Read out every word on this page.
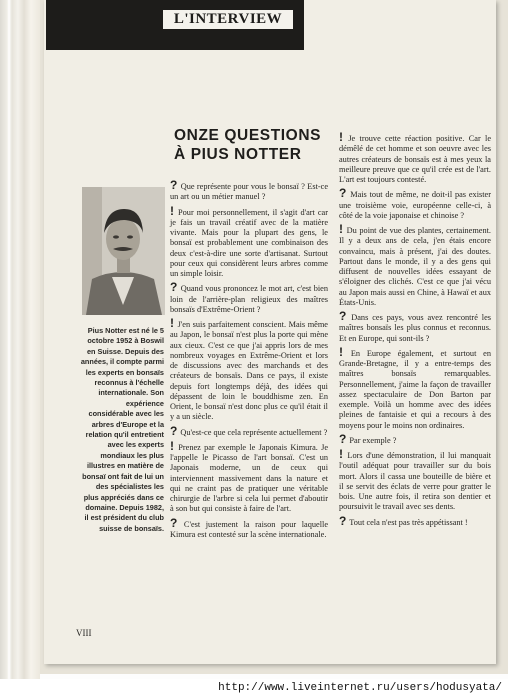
L'INTERVIEW
Pius Notter est né le 5 octobre 1952 à Boswil en Suisse. Depuis des années, il compte parmi les experts en bonsaïs reconnus à l'échelle internationale. Son expérience considérable avec les arbres d'Europe et la relation qu'il entretient avec les experts mondiaux les plus illustres en matière de bonsaï ont fait de lui un des spécialistes les plus appréciés dans ce domaine. Depuis 1982, il est président du club suisse de bonsaïs.
ONZE QUESTIONS
À PIUS NOTTER

? Que représente pour vous le bonsaï ? Est-ce un art ou un métier manuel ?

! Pour moi personnellement, il s'agit d'art car je fais un travail créatif avec de la matière vivante. Mais pour la plupart des gens, le bonsaï est probablement une combinaison des deux c'est-à-dire une sorte d'artisanat. Surtout pour ceux qui considèrent leurs arbres comme un simple loisir.

? Quand vous prononcez le mot art, c'est bien loin de l'arrière-plan religieux des maîtres bonsaïs d'Extrême-Orient ?

! J'en suis parfaitement conscient. Mais même au Japon, le bonsaï n'est plus la porte qui mène aux cieux. C'est ce que j'ai appris lors de mes nombreux voyages en Extrême-Orient et lors de discussions avec des marchands et des créateurs de bonsaïs. Dans ce pays, il existe depuis fort longtemps déjà, des idées qui dépassent de loin le bouddhisme zen. En Orient, le bonsaï n'est donc plus ce qu'il était il y a un siècle.

? Qu'est-ce que cela représente actuellement ?

! Prenez par exemple le Japonais Kimura. Je l'appelle le Picasso de l'art bonsaï. C'est un Japonais moderne, un de ceux qui interviennent massivement dans la nature et qui ne craint pas de pratiquer une véritable chirurgie de l'arbre si cela lui permet d'aboutir à son but qui consiste à faire de l'art.

? C'est justement la raison pour laquelle Kimura est contesté sur la scène internationale.

! Je trouve cette réaction positive. Car le démêlé de cet homme et son oeuvre avec les autres créateurs de bonsaïs est à mes yeux la meilleure preuve que ce qu'il crée est de l'art. L'art est toujours contesté.

? Mais tout de même, ne doit-il pas exister une troisième voie, européenne celle-ci, à côté de la voie japonaise et chinoise ?

! Du point de vue des plantes, certainement. Il y a deux ans de cela, j'en étais encore convaincu, mais à présent, j'ai des doutes. Partout dans le monde, il y a des gens qui diffusent de nouvelles idées essayant de s'éloigner des clichés. C'est ce que j'ai vécu au Japon mais aussi en Chine, à Hawaï et aux États-Unis.

? Dans ces pays, vous avez rencontré les maîtres bonsaïs les plus connus et reconnus. Et en Europe, qui sont-ils ?

! En Europe également, et surtout en Grande-Bretagne, il y a entre-temps des maîtres bonsaïs remarquables. Personnellement, j'aime la façon de travailler assez spectaculaire de Don Barton par exemple. Voilà un homme avec des idées pleines de fantaisie et qui a recours à des moyens pour le moins non ordinaires.

? Par exemple ?

! Lors d'une démonstration, il lui manquait l'outil adéquat pour travailler sur du bois mort. Alors il cassa une bouteille de bière et il se servit des éclats de verre pour gratter le bois. Une autre fois, il retira son dentier et poursuivit le travail avec ses dents.

? Tout cela n'est pas très appétissant !

VIII
http://www.liveinternet.ru/users/hodusyata/
